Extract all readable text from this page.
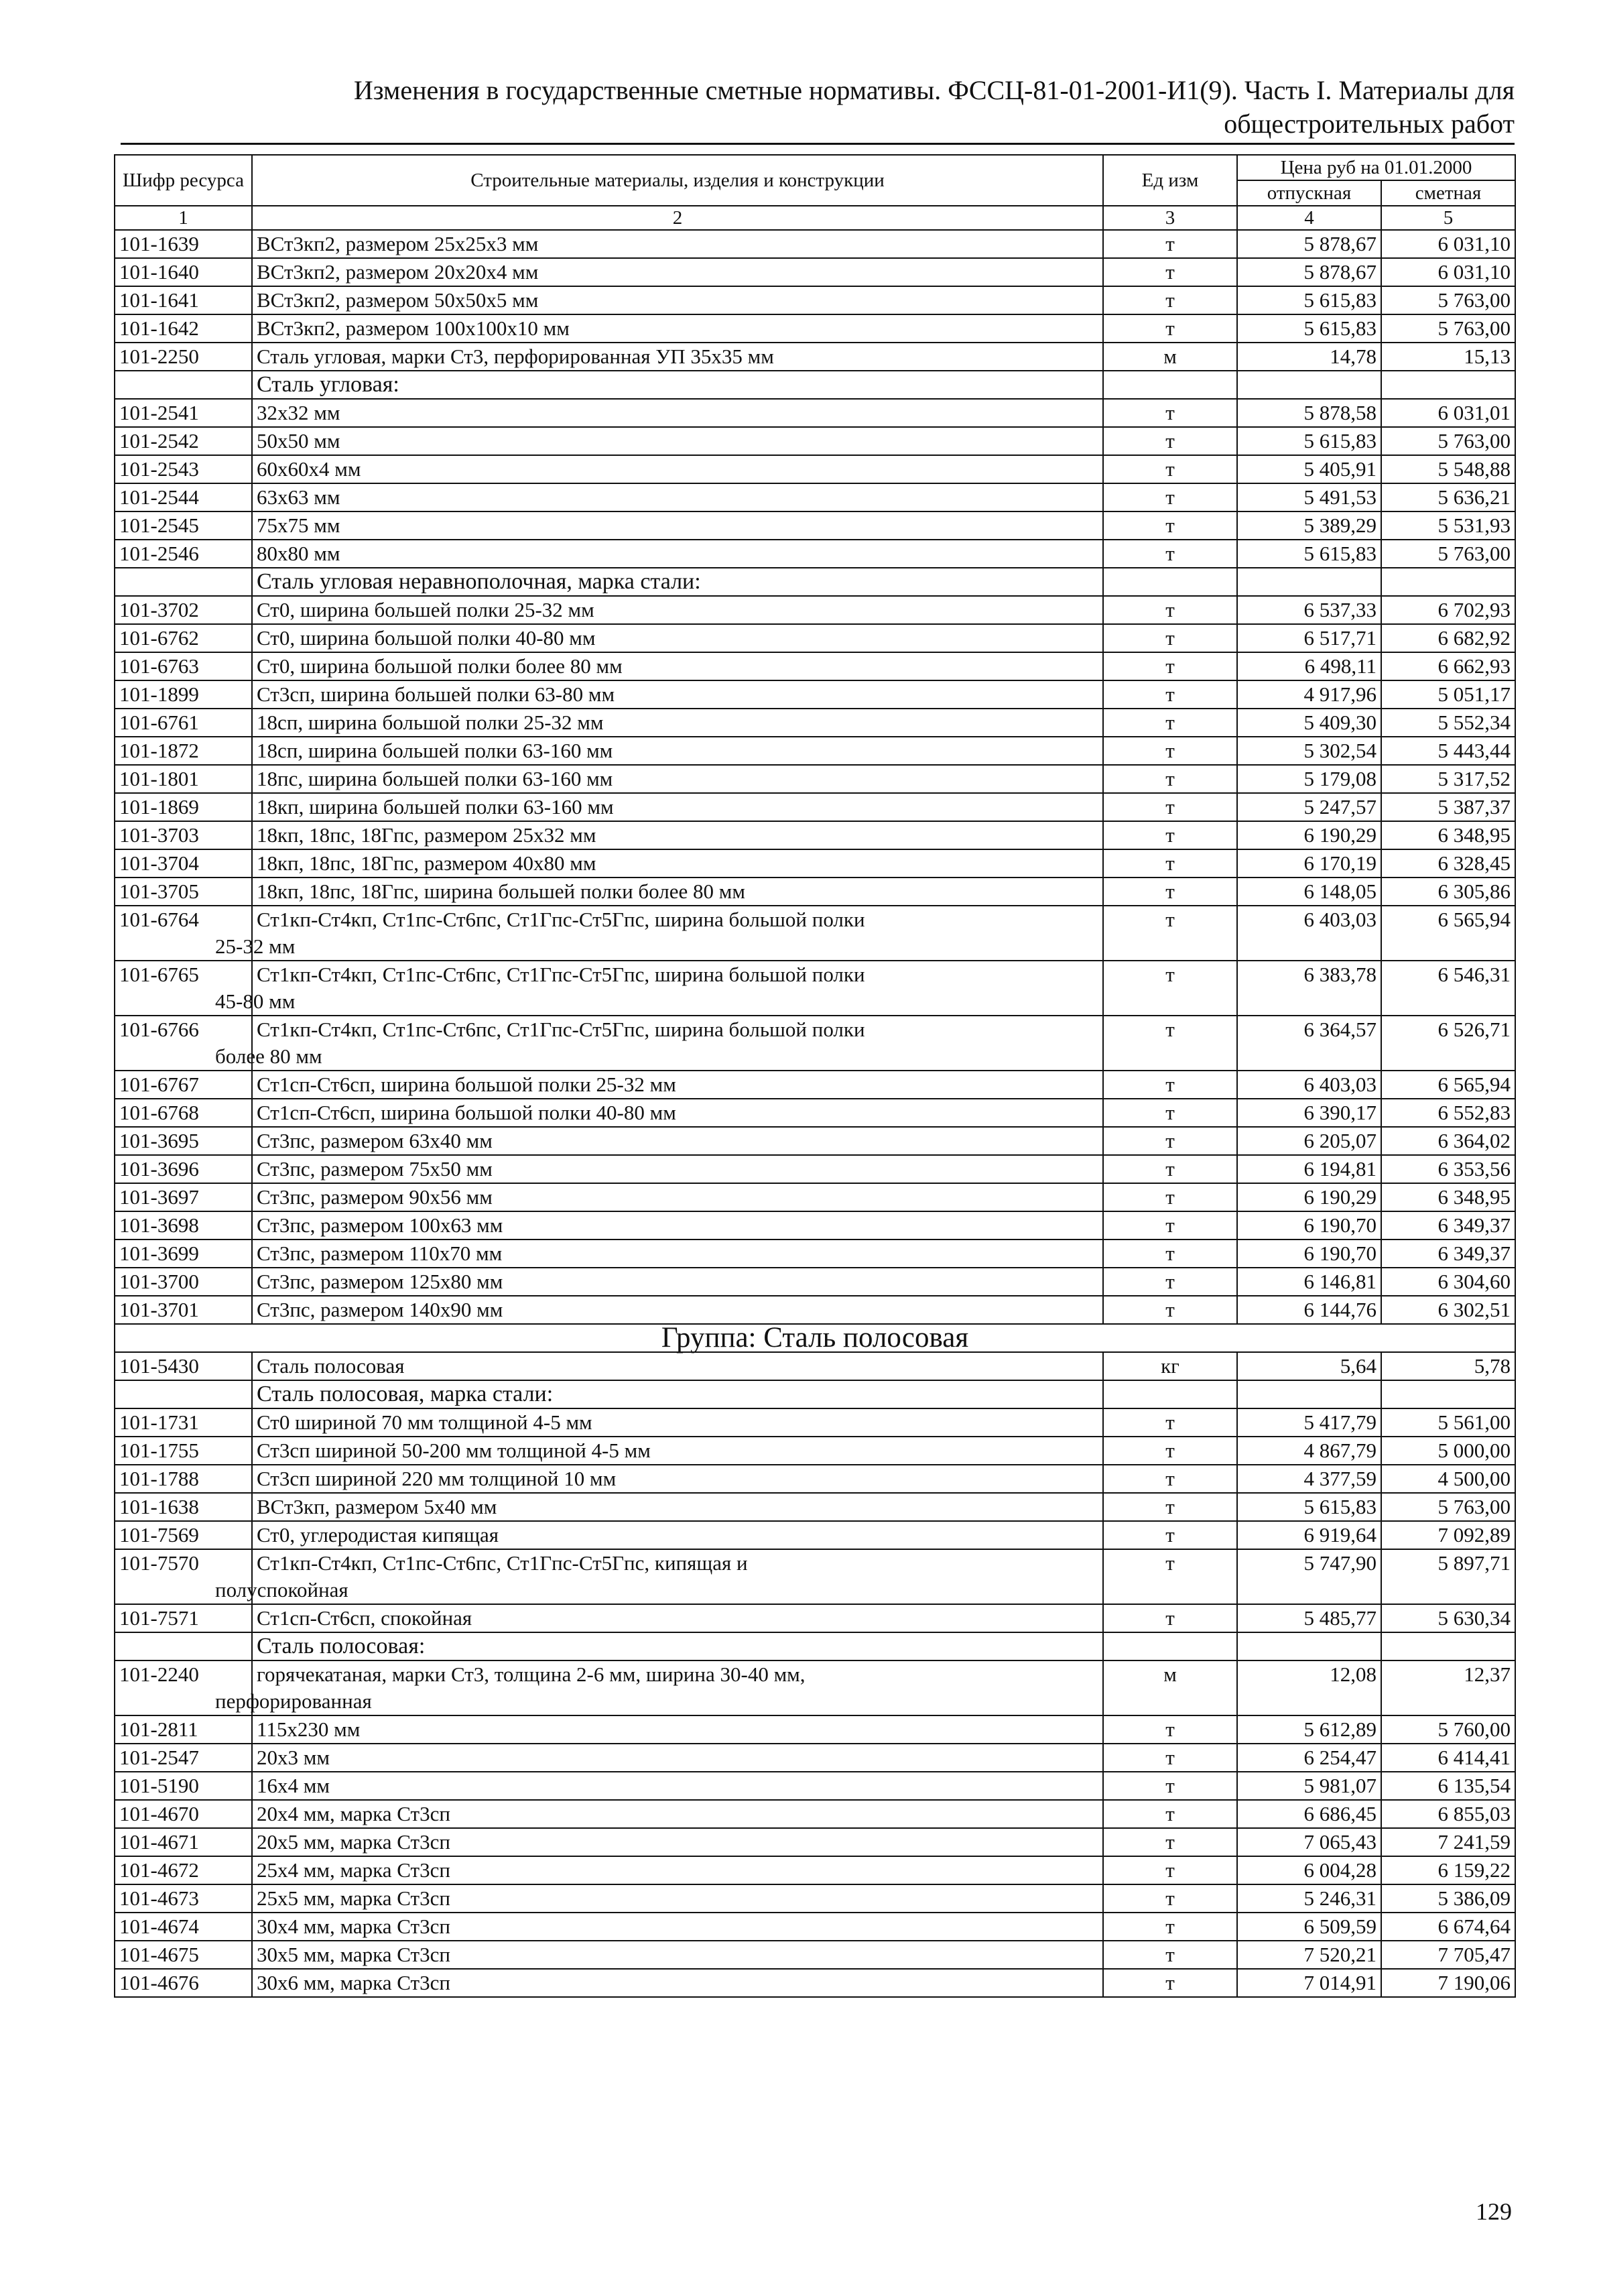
Изменения в государственные сметные нормативы. ФССЦ-81-01-2001-И1(9). Часть I. Материалы для
общестроительных работ
Шифр ресурса	Строительные материалы, изделия и конструкции	Ед изм	Цена руб на 01.01.2000	
			отпускная	сметная
1	2	3	4	5
101-1639	ВСт3кп2, размером 25х25х3 мм	т	5 878,67	6 031,10
101-1640	ВСт3кп2, размером 20х20х4 мм	т	5 878,67	6 031,10
101-1641	ВСт3кп2, размером 50х50х5 мм	т	5 615,83	5 763,00
101-1642	ВСт3кп2, размером 100х100х10 мм	т	5 615,83	5 763,00
101-2250	Сталь угловая, марки Ст3, перфорированная УП 35х35 мм	м	14,78	15,13
	Сталь угловая:			
101-2541	32х32 мм	т	5 878,58	6 031,01
101-2542	50х50 мм	т	5 615,83	5 763,00
101-2543	60х60х4 мм	т	5 405,91	5 548,88
101-2544	63х63 мм	т	5 491,53	5 636,21
101-2545	75х75 мм	т	5 389,29	5 531,93
101-2546	80х80 мм	т	5 615,83	5 763,00
	Сталь угловая неравнополочная, марка стали:			
101-3702	Ст0, ширина большей полки 25-32 мм	т	6 537,33	6 702,93
101-6762	Ст0, ширина большой полки 40-80 мм	т	6 517,71	6 682,92
101-6763	Ст0, ширина большой полки более 80 мм	т	6 498,11	6 662,93
101-1899	Ст3сп, ширина большей полки 63-80 мм	т	4 917,96	5 051,17
101-6761	18сп, ширина большой полки 25-32 мм	т	5 409,30	5 552,34
101-1872	18сп, ширина большей полки 63-160 мм	т	5 302,54	5 443,44
101-1801	18пс, ширина большей полки 63-160 мм	т	5 179,08	5 317,52
101-1869	18кп, ширина большей полки 63-160 мм	т	5 247,57	5 387,37
101-3703	18кп, 18пс, 18Гпс, размером 25х32 мм	т	6 190,29	6 348,95
101-3704	18кп, 18пс, 18Гпс, размером 40х80 мм	т	6 170,19	6 328,45
101-3705	18кп, 18пс, 18Гпс, ширина большей полки более 80 мм	т	6 148,05	6 305,86
101-6764	Ст1кп-Ст4кп, Ст1пс-Ст6пс, Ст1Гпс-Ст5Гпс, ширина большой полки
25-32 мм	т	6 403,03	6 565,94
101-6765	Ст1кп-Ст4кп, Ст1пс-Ст6пс, Ст1Гпс-Ст5Гпс, ширина большой полки
45-80 мм	т	6 383,78	6 546,31
101-6766	Ст1кп-Ст4кп, Ст1пс-Ст6пс, Ст1Гпс-Ст5Гпс, ширина большой полки
более 80 мм	т	6 364,57	6 526,71
101-6767	Ст1сп-Ст6сп, ширина большой полки 25-32 мм	т	6 403,03	6 565,94
101-6768	Ст1сп-Ст6сп, ширина большой полки 40-80 мм	т	6 390,17	6 552,83
101-3695	Ст3пс, размером 63х40 мм	т	6 205,07	6 364,02
101-3696	Ст3пс, размером 75х50 мм	т	6 194,81	6 353,56
101-3697	Ст3пс, размером 90х56 мм	т	6 190,29	6 348,95
101-3698	Ст3пс, размером 100х63 мм	т	6 190,70	6 349,37
101-3699	Ст3пс, размером 110х70 мм	т	6 190,70	6 349,37
101-3700	Ст3пс, размером 125х80 мм	т	6 146,81	6 304,60
101-3701	Ст3пс, размером 140х90 мм	т	6 144,76	6 302,51
Группа: Сталь полосовая				
101-5430	Сталь полосовая	кг	5,64	5,78
	Сталь полосовая, марка стали:			
101-1731	Ст0 шириной 70 мм толщиной 4-5 мм	т	5 417,79	5 561,00
101-1755	Ст3сп шириной 50-200 мм толщиной 4-5 мм	т	4 867,79	5 000,00
101-1788	Ст3сп шириной 220 мм толщиной 10 мм	т	4 377,59	4 500,00
101-1638	ВСт3кп, размером 5х40 мм	т	5 615,83	5 763,00
101-7569	Ст0, углеродистая кипящая	т	6 919,64	7 092,89
101-7570	Ст1кп-Ст4кп, Ст1пс-Ст6пс, Ст1Гпс-Ст5Гпс, кипящая и
полуспокойная	т	5 747,90	5 897,71
101-7571	Ст1сп-Ст6сп, спокойная	т	5 485,77	5 630,34
	Сталь полосовая:			
101-2240	горячекатаная, марки Ст3, толщина 2-6 мм, ширина 30-40 мм,
перфорированная	м	12,08	12,37
101-2811	115х230 мм	т	5 612,89	5 760,00
101-2547	20х3 мм	т	6 254,47	6 414,41
101-5190	16х4 мм	т	5 981,07	6 135,54
101-4670	20х4 мм, марка Ст3сп	т	6 686,45	6 855,03
101-4671	20х5 мм, марка Ст3сп	т	7 065,43	7 241,59
101-4672	25х4 мм, марка Ст3сп	т	6 004,28	6 159,22
101-4673	25х5 мм, марка Ст3сп	т	5 246,31	5 386,09
101-4674	30х4 мм, марка Ст3сп	т	6 509,59	6 674,64
101-4675	30х5 мм, марка Ст3сп	т	7 520,21	7 705,47
101-4676	30х6 мм, марка Ст3сп	т	7 014,91	7 190,06
129
